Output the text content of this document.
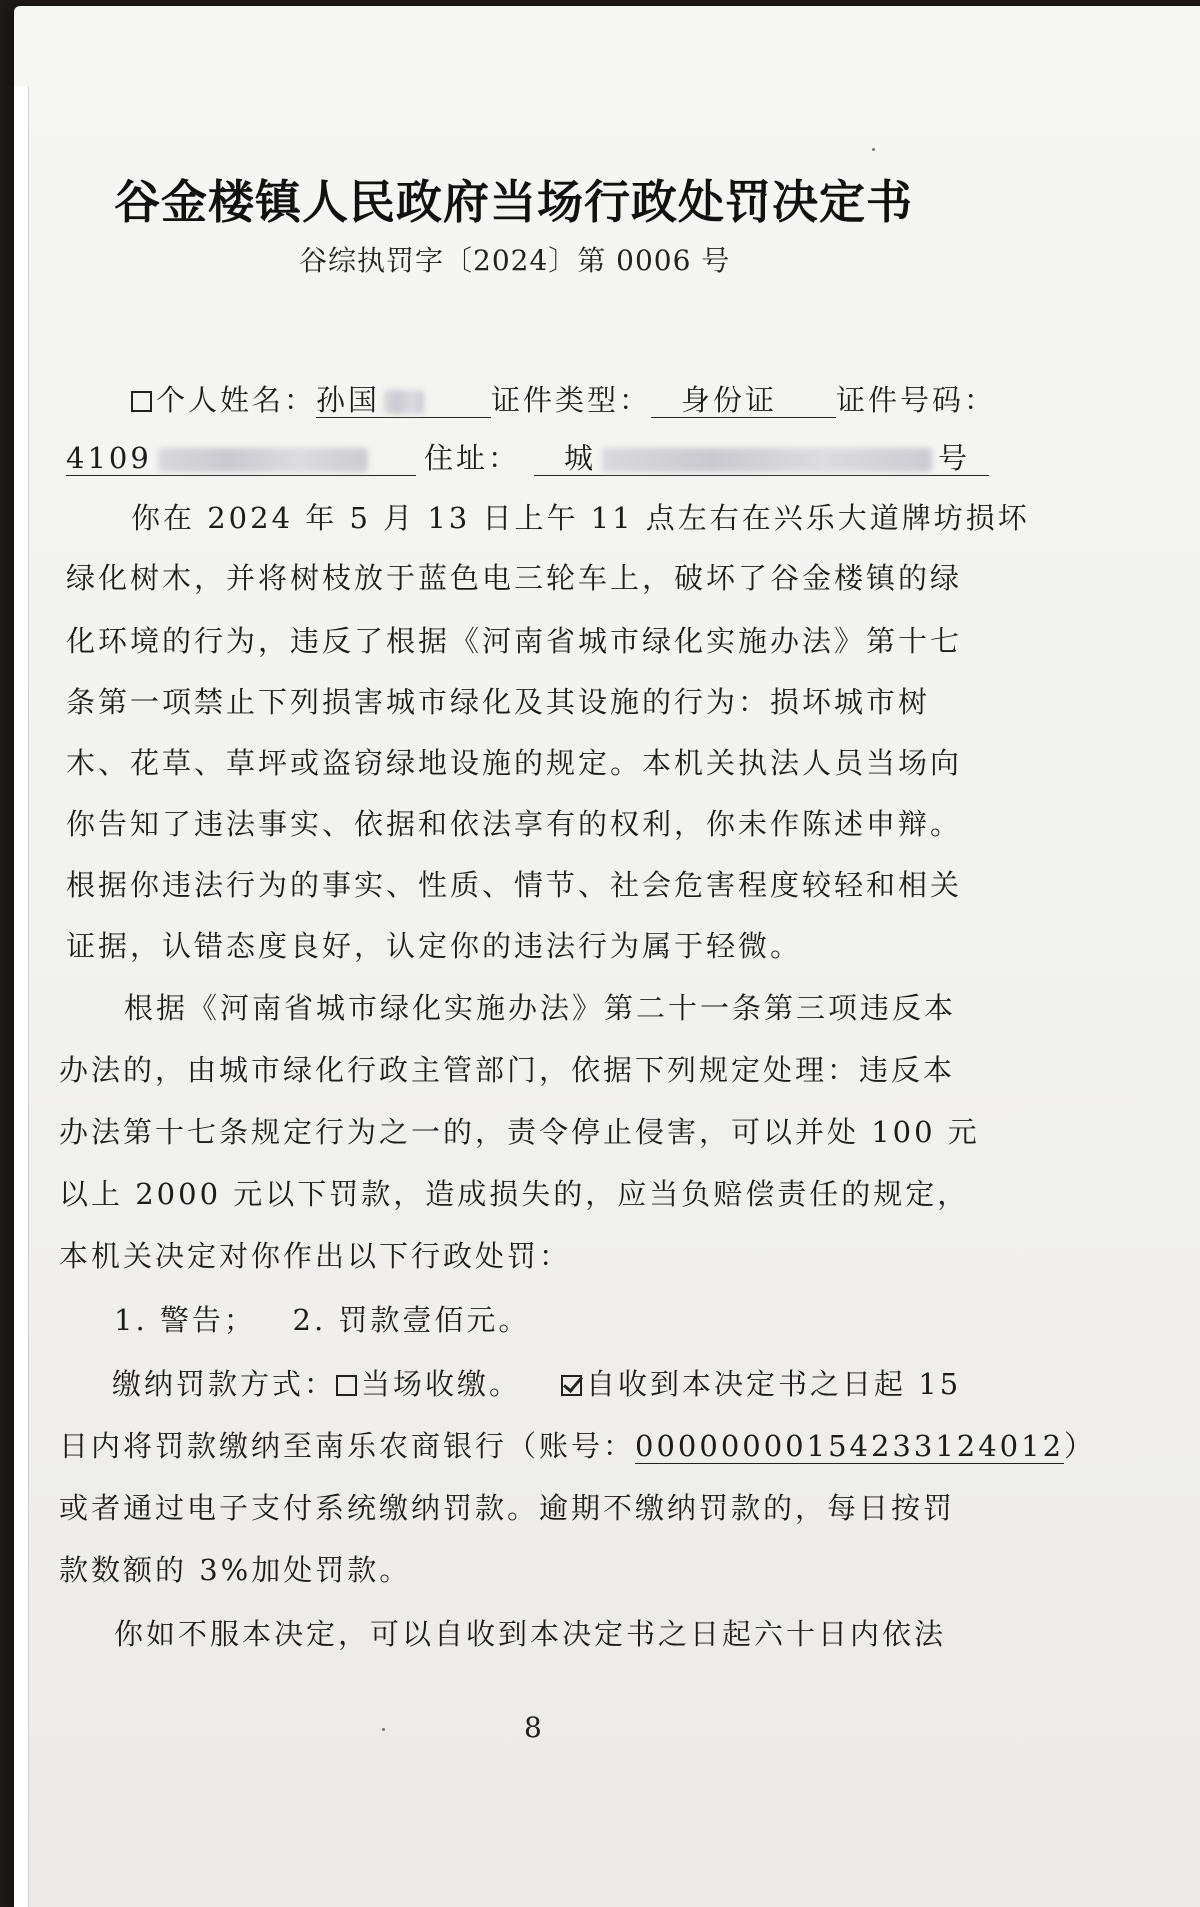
谷金楼镇人民政府当场行政处罚决定书
谷综执罚字〔2024〕第 0006 号
个人姓名：孙国	证件类型： 身份证 证件号码：
4109	住址： 城	号
你在 2024 年 5 月 13 日上午 11 点左右在兴乐大道牌坊损坏
绿化树木，并将树枝放于蓝色电三轮车上，破坏了谷金楼镇的绿
化环境的行为，违反了根据《河南省城市绿化实施办法》第十七
条第一项禁止下列损害城市绿化及其设施的行为：损坏城市树
木、花草、草坪或盗窃绿地设施的规定。本机关执法人员当场向
你告知了违法事实、依据和依法享有的权利，你未作陈述申辩。
根据你违法行为的事实、性质、情节、社会危害程度较轻和相关
证据，认错态度良好，认定你的违法行为属于轻微。
根据《河南省城市绿化实施办法》第二十一条第三项违反本
办法的，由城市绿化行政主管部门，依据下列规定处理：违反本
办法第十七条规定行为之一的，责令停止侵害，可以并处 100 元
以上 2000 元以下罚款，造成损失的，应当负赔偿责任的规定，
本机关决定对你作出以下行政处罚：
1. 警告；   2. 罚款壹佰元。
缴纳罚款方式： 当场收缴。 自收到本决定书之日起 15
日内将罚款缴纳至南乐农商银行（账号：00000000154233124012）
或者通过电子支付系统缴纳罚款。逾期不缴纳罚款的，每日按罚
款数额的 3%加处罚款。
你如不服本决定，可以自收到本决定书之日起六十日内依法
8
